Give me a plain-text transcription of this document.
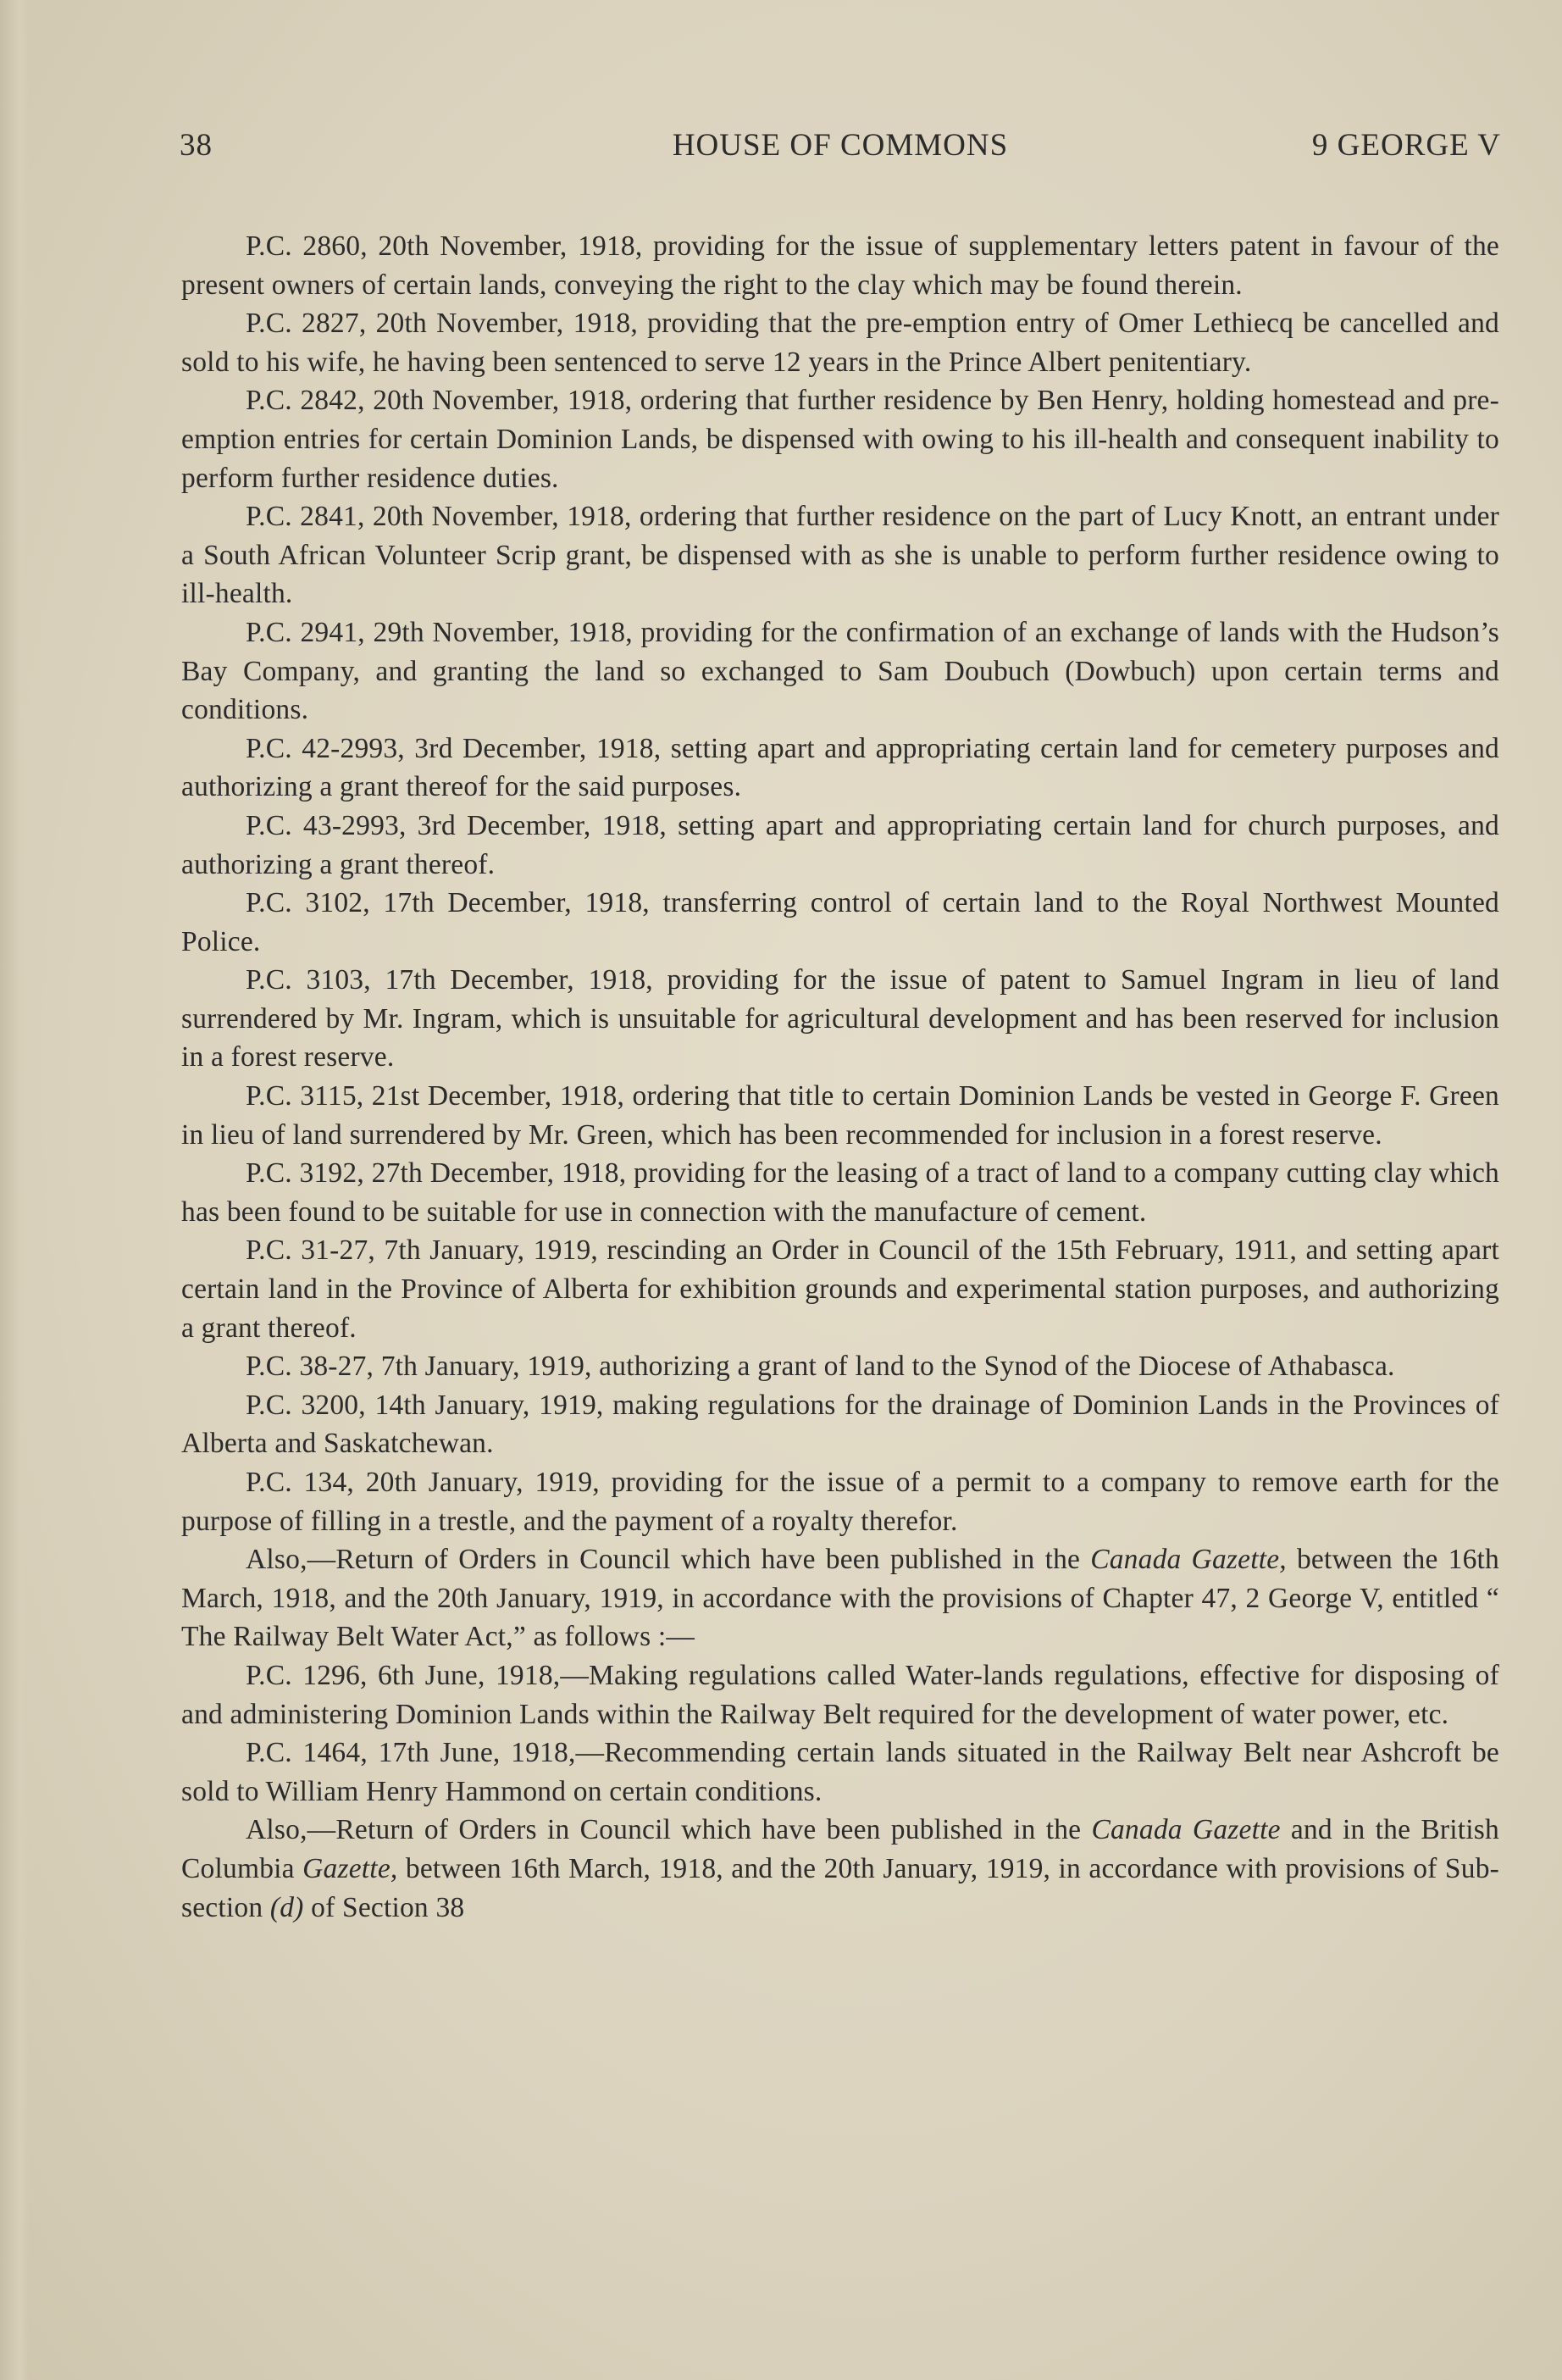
38	HOUSE OF COMMONS	9 GEORGE V

P.C. 2860, 20th November, 1918, providing for the issue of supplementary letters patent in favour of the present owners of certain lands, conveying the right to the clay which may be found therein.

P.C. 2827, 20th November, 1918, providing that the pre-emption entry of Omer Lethiecq be cancelled and sold to his wife, he having been sentenced to serve 12 years in the Prince Albert penitentiary.

P.C. 2842, 20th November, 1918, ordering that further residence by Ben Henry, holding homestead and pre-emption entries for certain Dominion Lands, be dispensed with owing to his ill-health and consequent inability to perform further residence duties.

P.C. 2841, 20th November, 1918, ordering that further residence on the part of Lucy Knott, an entrant under a South African Volunteer Scrip grant, be dispensed with as she is unable to perform further residence owing to ill-health.

P.C. 2941, 29th November, 1918, providing for the confirmation of an exchange of lands with the Hudson’s Bay Company, and granting the land so exchanged to Sam Doubuch (Dowbuch) upon certain terms and conditions.

P.C. 42-2993, 3rd December, 1918, setting apart and appropriating certain land for cemetery purposes and authorizing a grant thereof for the said purposes.

P.C. 43-2993, 3rd December, 1918, setting apart and appropriating certain land for church purposes, and authorizing a grant thereof.

P.C. 3102, 17th December, 1918, transferring control of certain land to the Royal Northwest Mounted Police.

P.C. 3103, 17th December, 1918, providing for the issue of patent to Samuel Ingram in lieu of land surrendered by Mr. Ingram, which is unsuitable for agricultural development and has been reserved for inclusion in a forest reserve.

P.C. 3115, 21st December, 1918, ordering that title to certain Dominion Lands be vested in George F. Green in lieu of land surrendered by Mr. Green, which has been recommended for inclusion in a forest reserve.

P.C. 3192, 27th December, 1918, providing for the leasing of a tract of land to a company cutting clay which has been found to be suitable for use in connection with the manufacture of cement.

P.C. 31-27, 7th January, 1919, rescinding an Order in Council of the 15th February, 1911, and setting apart certain land in the Province of Alberta for exhibition grounds and experimental station purposes, and authorizing a grant thereof.

P.C. 38-27, 7th January, 1919, authorizing a grant of land to the Synod of the Diocese of Athabasca.

P.C. 3200, 14th January, 1919, making regulations for the drainage of Dominion Lands in the Provinces of Alberta and Saskatchewan.

P.C. 134, 20th January, 1919, providing for the issue of a permit to a company to remove earth for the purpose of filling in a trestle, and the payment of a royalty therefor.

Also,—Return of Orders in Council which have been published in the Canada Gazette, between the 16th March, 1918, and the 20th January, 1919, in accordance with the provisions of Chapter 47, 2 George V, entitled “ The Railway Belt Water Act,” as follows :—

P.C. 1296, 6th June, 1918,—Making regulations called Water-lands regulations, effective for disposing of and administering Dominion Lands within the Railway Belt required for the development of water power, etc.

P.C. 1464, 17th June, 1918,—Recommending certain lands situated in the Railway Belt near Ashcroft be sold to William Henry Hammond on certain conditions.

Also,—Return of Orders in Council which have been published in the Canada Gazette and in the British Columbia Gazette, between 16th March, 1918, and the 20th January, 1919, in accordance with provisions of Sub-section (d) of Section 38
